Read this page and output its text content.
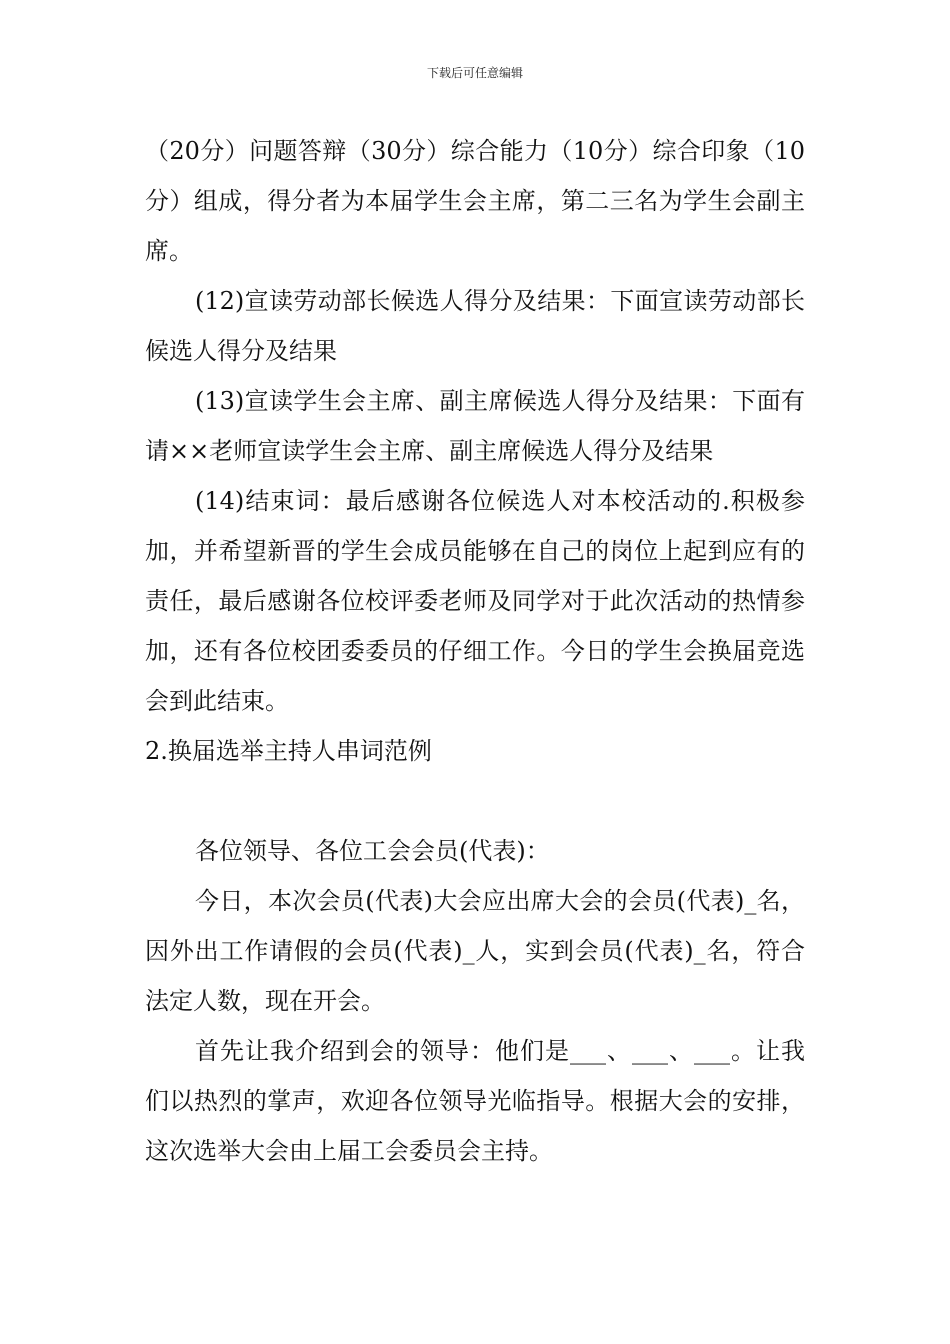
下载后可任意编辑

（20分）问题答辩（30分）综合能力（10分）综合印象（10分）组成，得分者为本届学生会主席，第二三名为学生会副主席。

(12)宣读劳动部长候选人得分及结果：下面宣读劳动部长候选人得分及结果

(13)宣读学生会主席、副主席候选人得分及结果：下面有请××老师宣读学生会主席、副主席候选人得分及结果

(14)结束词：最后感谢各位候选人对本校活动的.积极参加，并希望新晋的学生会成员能够在自己的岗位上起到应有的责任，最后感谢各位校评委老师及同学对于此次活动的热情参加，还有各位校团委委员的仔细工作。今日的学生会换届竞选会到此结束。

2.换届选举主持人串词范例

各位领导、各位工会会员(代表)：

今日，本次会员(代表)大会应出席大会的会员(代表)_名，因外出工作请假的会员(代表)_人，实到会员(代表)_名，符合法定人数，现在开会。

首先让我介绍到会的领导：他们是___、___、___。让我们以热烈的掌声，欢迎各位领导光临指导。根据大会的安排，这次选举大会由上届工会委员会主持。
